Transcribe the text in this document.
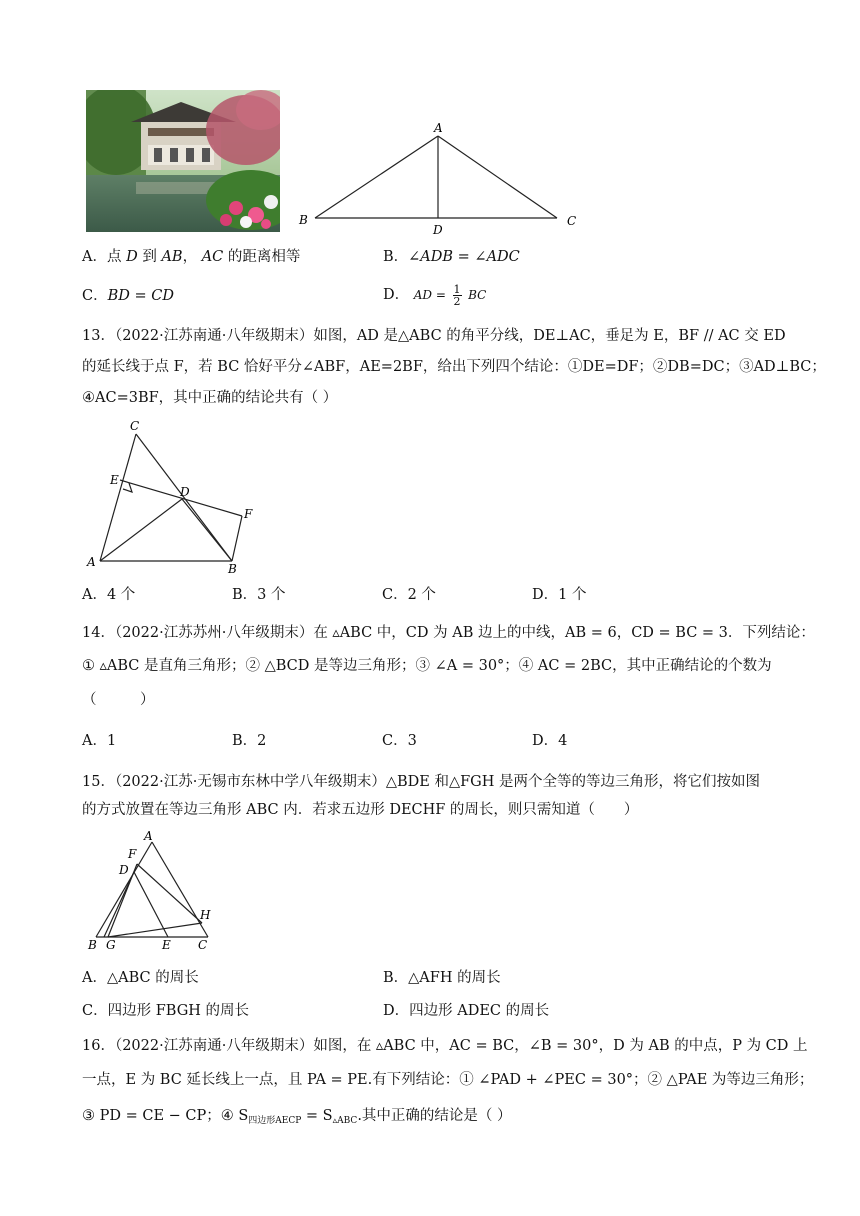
A
B	C
D
A．点 D 到 AB， AC 的距离相等	B．∠ADB = ∠ADC
C．BD = CD	D． AD = $\frac{1}{2}$ BC
13．（2022·江苏南通·八年级期末）如图，AD 是△ABC 的角平分线，DE⊥AC，垂足为 E，BF // AC 交 ED
的延长线于点 F，若 BC 恰好平分∠ABF，AE=2BF，给出下列四个结论：①DE=DF；②DB=DC；③AD⊥BC；
④AC=3BF，其中正确的结论共有（ ）
C
E
D
F
A	B
A．4 个	B．3 个	C．2 个	D．1 个
14．（2022·江苏苏州·八年级期末）在 ▵ABC 中，CD 为 AB 边上的中线，AB = 6，CD = BC = 3．下列结论：
① ▵ABC 是直角三角形；② △BCD 是等边三角形；③ ∠A = 30°；④ AC = 2BC，其中正确结论的个数为
（　　　）
A．1	B．2	C．3	D．4
15．（2022·江苏·无锡市东林中学八年级期末）△BDE 和△FGH 是两个全等的等边三角形，将它们按如图
的方式放置在等边三角形 ABC 内．若求五边形 DECHF 的周长，则只需知道（　　）
A
F
D
H
B G	E C
A．△ABC 的周长	B．△AFH 的周长
C．四边形 FBGH 的周长	D．四边形 ADEC 的周长
16．（2022·江苏南通·八年级期末）如图，在 ▵ABC 中，AC = BC，∠B = 30°，D 为 AB 的中点，P 为 CD 上
一点，E 为 BC 延长线上一点，且 PA = PE.有下列结论：① ∠PAD + ∠PEC = 30°；② △PAE 为等边三角形；
③ PD = CE − CP；④ $S_{四边形AECP} = S_{▵ABC}$.其中正确的结论是（ ）
